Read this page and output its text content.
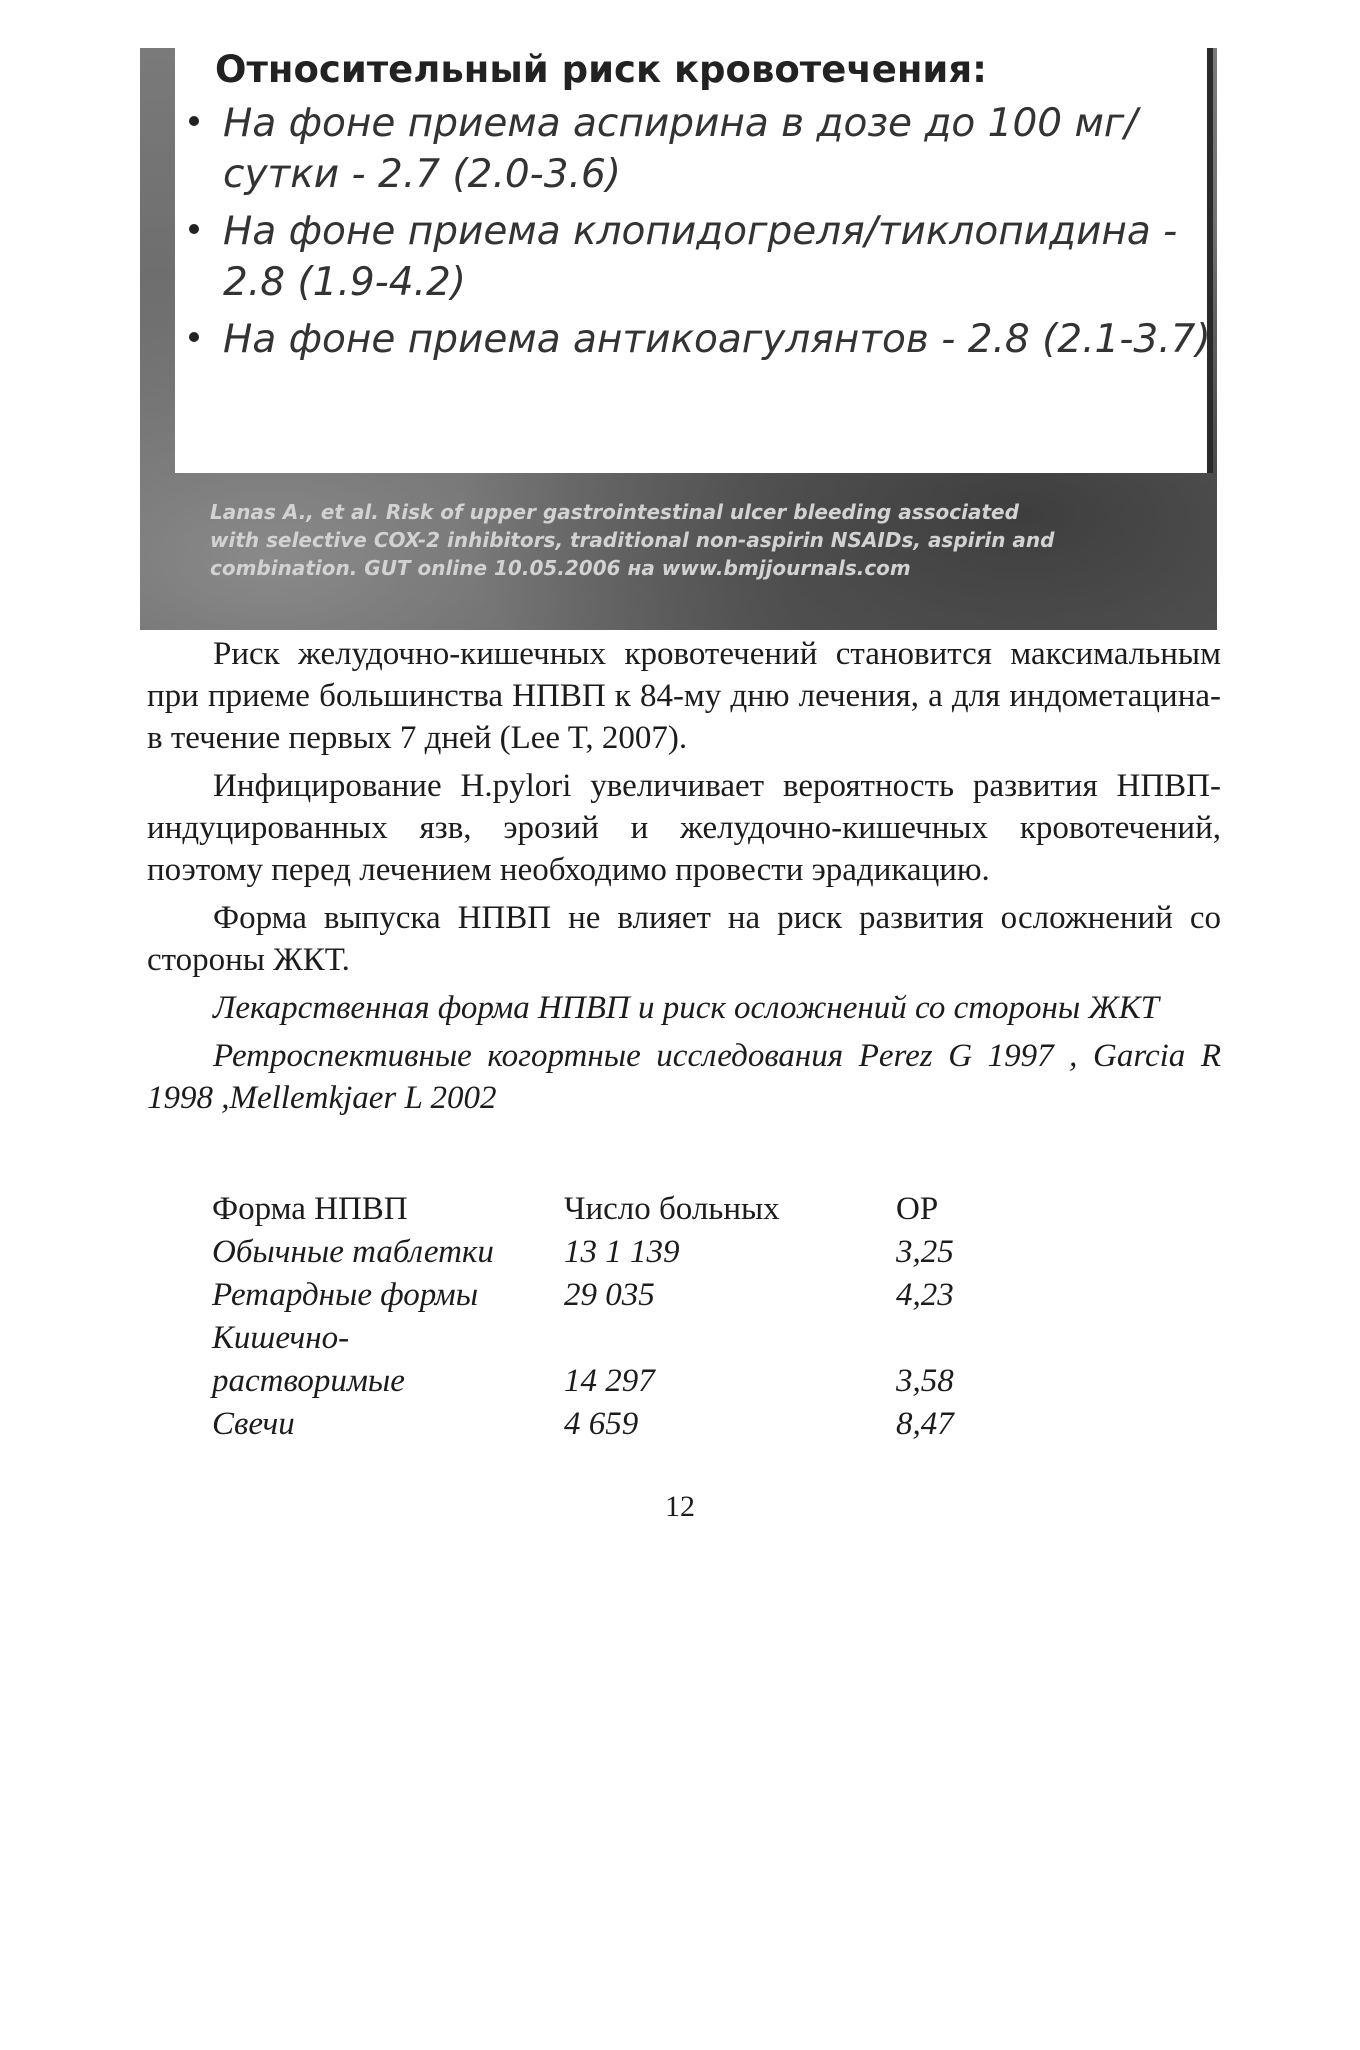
Относительный риск кровотечения:

На фоне приема аспирина в дозе до 100 мг/сутки - 2.7 (2.0-3.6)
На фоне приема клопидогреля/тиклопидина - 2.8 (1.9-4.2)
На фоне приема антикоагулянтов - 2.8 (2.1-3.7)

Lanas A., et al. Risk of upper gastrointestinal ulcer bleeding associated with selective COX-2 inhibitors, traditional non-aspirin NSAIDs, aspirin and combination. GUT online 10.05.2006 на www.bmjjournals.com

Риск желудочно-кишечных кровотечений становится максимальным при приеме большинства НПВП к 84-му дню лечения, а для индометацина- в течение первых 7 дней (Lee T, 2007).

Инфицирование H.pylori увеличивает вероятность развития НПВП-индуцированных язв, эрозий и желудочно-кишечных кровотечений, поэтому перед лечением необходимо провести эрадикацию.

Форма выпуска НПВП не влияет на риск развития осложнений со стороны ЖКТ.

Лекарственная форма НПВП и риск осложнений со стороны ЖКТ

Ретроспективные когортные исследования Perez G 1997 , Garcia R 1998 ,Mellemkjaer L 2002

Форма НПВП	Число больных	ОР
Обычные таблетки 13 1 139	3,25
Ретардные формы	29 035	4,23
Кишечно-растворимые	14 297	3,58
Свечи	4 659	8,47
12
